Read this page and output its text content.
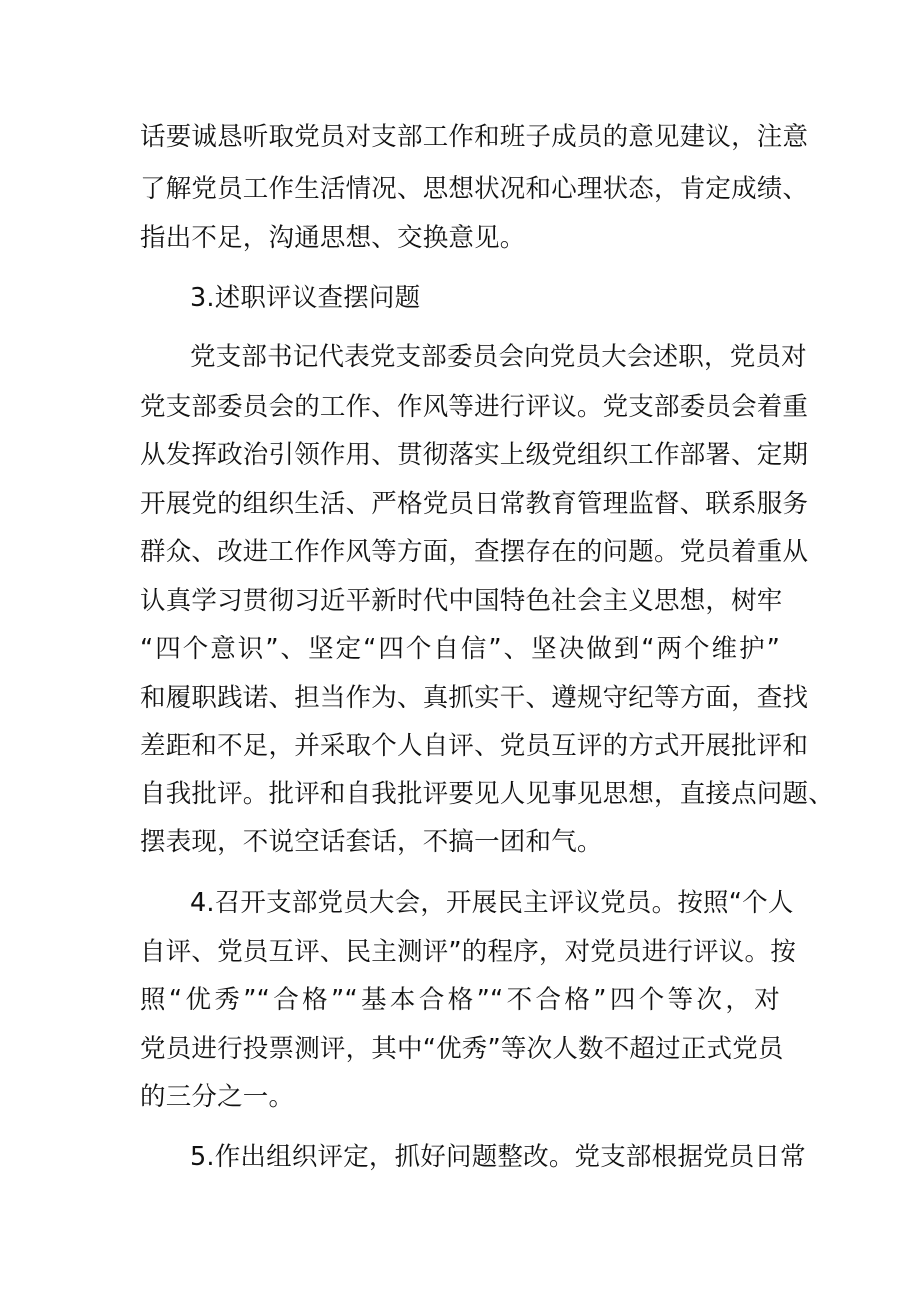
话要诚恳听取党员对支部工作和班子成员的意见建议，注意
了解党员工作生活情况、思想状况和心理状态，肯定成绩、
指出不足，沟通思想、交换意见。
3.述职评议查摆问题
党支部书记代表党支部委员会向党员大会述职，党员对
党支部委员会的工作、作风等进行评议。党支部委员会着重
从发挥政治引领作用、贯彻落实上级党组织工作部署、定期
开展党的组织生活、严格党员日常教育管理监督、联系服务
群众、改进工作作风等方面，查摆存在的问题。党员着重从
认真学习贯彻习近平新时代中国特色社会主义思想，树牢
“四个意识”、坚定“四个自信”、坚决做到“两个维护”
和履职践诺、担当作为、真抓实干、遵规守纪等方面，查找
差距和不足，并采取个人自评、党员互评的方式开展批评和
自我批评。批评和自我批评要见人见事见思想，直接点问题、
摆表现，不说空话套话，不搞一团和气。
4.召开支部党员大会，开展民主评议党员。按照“个人
自评、党员互评、民主测评”的程序，对党员进行评议。按
照“优秀”“合格”“基本合格”“不合格”四个等次，对
党员进行投票测评，其中“优秀”等次人数不超过正式党员
的三分之一。
5.作出组织评定，抓好问题整改。党支部根据党员日常
